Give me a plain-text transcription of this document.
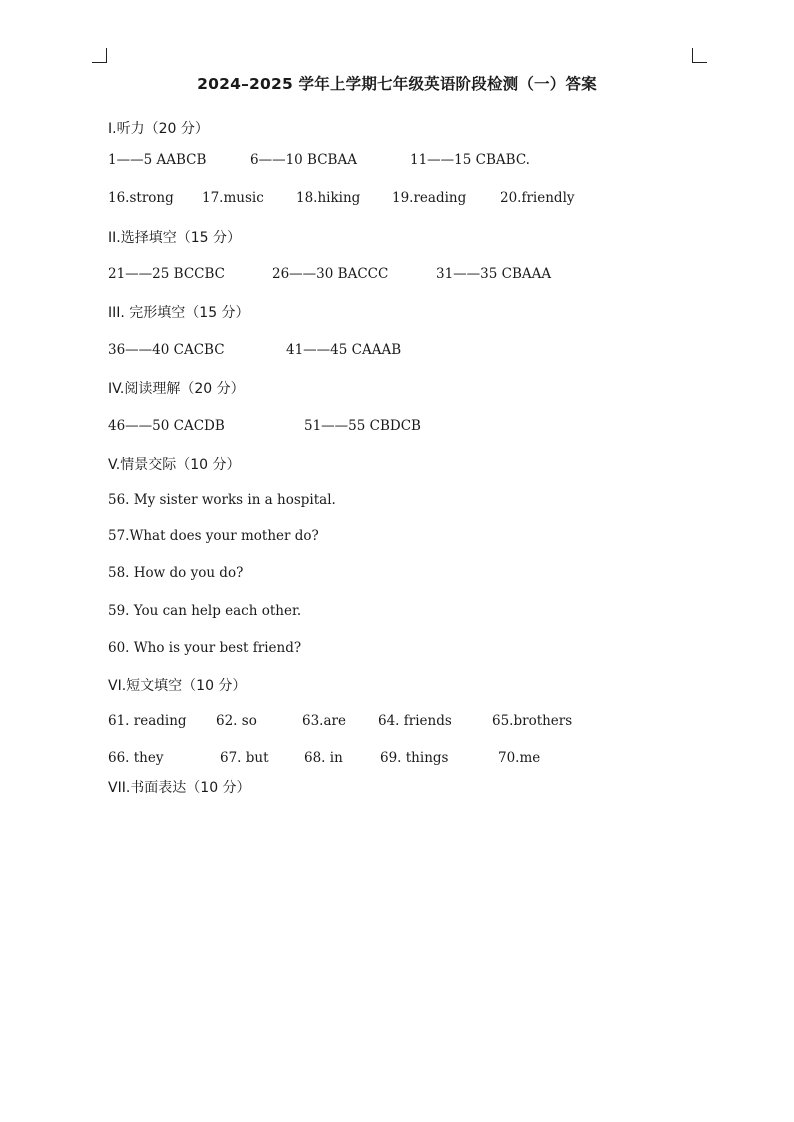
2024–2025 学年上学期七年级英语阶段检测（一）答案
I.听力（20 分）
1——5 AABCB	6——10 BCBAA	11——15 CBABC.
16.strong 17.music 18.hiking 19.reading 20.friendly
II.选择填空（15 分）
21——25 BCCBC	26——30 BACCC	31——35 CBAAA
III. 完形填空（15 分）
36——40 CACBC	41——45 CAAAB
IV.阅读理解（20 分）
46——50 CACDB	51——55 CBDCB
V.情景交际（10 分）
56. My sister works in a hospital.
57.What does your mother do?
58. How do you do?
59. You can help each other.
60. Who is your best friend?
VI.短文填空（10 分）
61. reading 62. so	63.are 64. friends	65.brothers
66. they	67. but	68. in	69. things	70.me
VII.书面表达（10 分）
